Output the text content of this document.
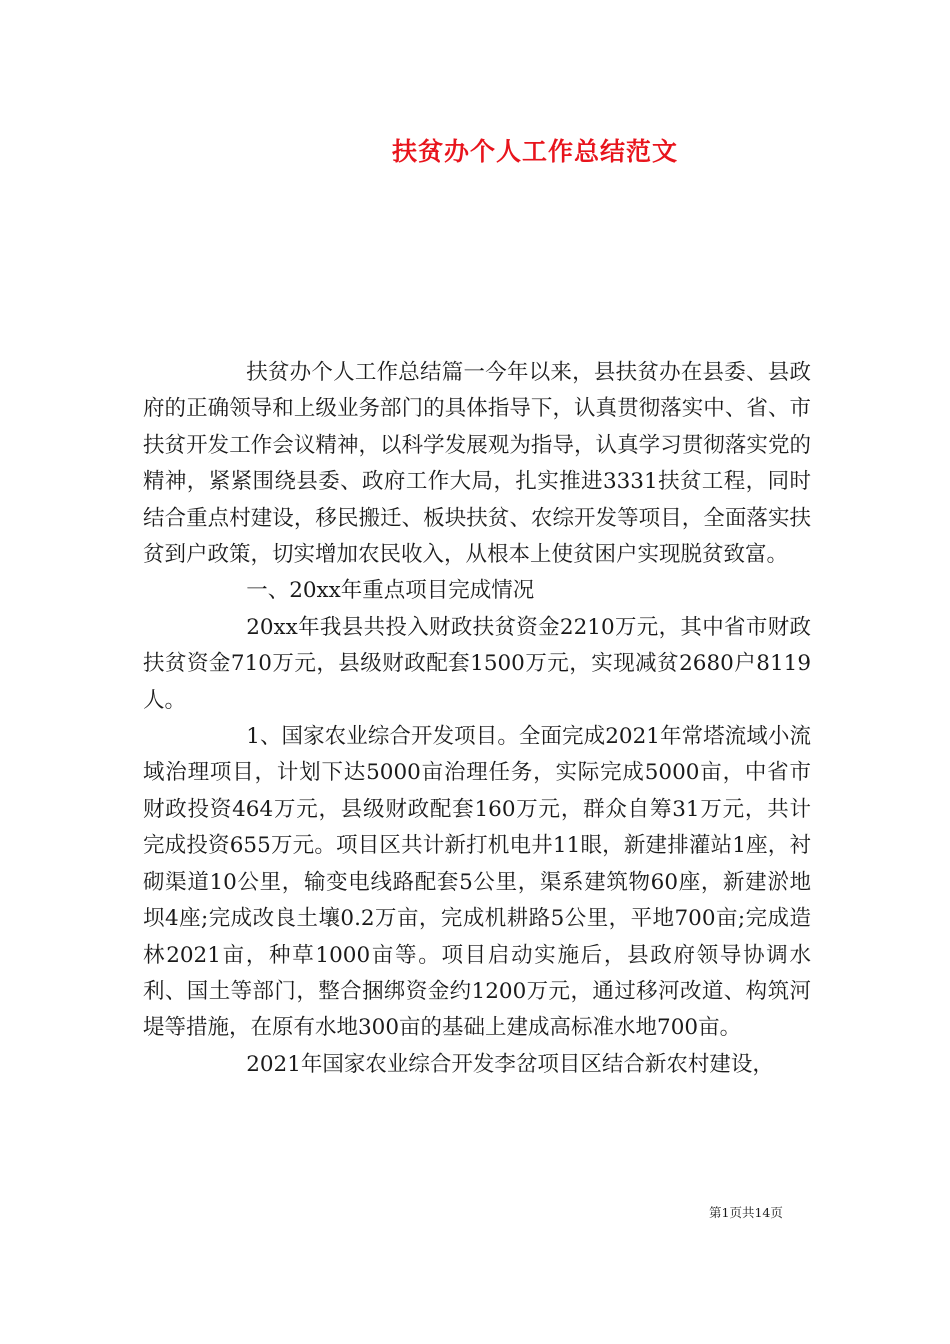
扶贫办个人工作总结范文

扶贫办个人工作总结篇一今年以来，县扶贫办在县委、县政府的正确领导和上级业务部门的具体指导下，认真贯彻落实中、省、市扶贫开发工作会议精神，以科学发展观为指导，认真学习贯彻落实党的精神，紧紧围绕县委、政府工作大局，扎实推进3331扶贫工程，同时结合重点村建设，移民搬迁、板块扶贫、农综开发等项目，全面落实扶贫到户政策，切实增加农民收入，从根本上使贫困户实现脱贫致富。

一、20xx年重点项目完成情况

20xx年我县共投入财政扶贫资金2210万元，其中省市财政扶贫资金710万元，县级财政配套1500万元，实现减贫2680户8119人。

1、国家农业综合开发项目。全面完成2021年常塔流域小流域治理项目，计划下达5000亩治理任务，实际完成5000亩，中省市财政投资464万元，县级财政配套160万元，群众自筹31万元，共计完成投资655万元。项目区共计新打机电井11眼，新建排灌站1座，衬砌渠道10公里，输变电线路配套5公里，渠系建筑物60座，新建淤地坝4座;完成改良土壤0.2万亩，完成机耕路5公里，平地700亩;完成造林2021亩，种草1000亩等。项目启动实施后，县政府领导协调水利、国土等部门，整合捆绑资金约1200万元，通过移河改道、构筑河堤等措施，在原有水地300亩的基础上建成高标准水地700亩。

2021年国家农业综合开发李岔项目区结合新农村建设，

第1页共14页
